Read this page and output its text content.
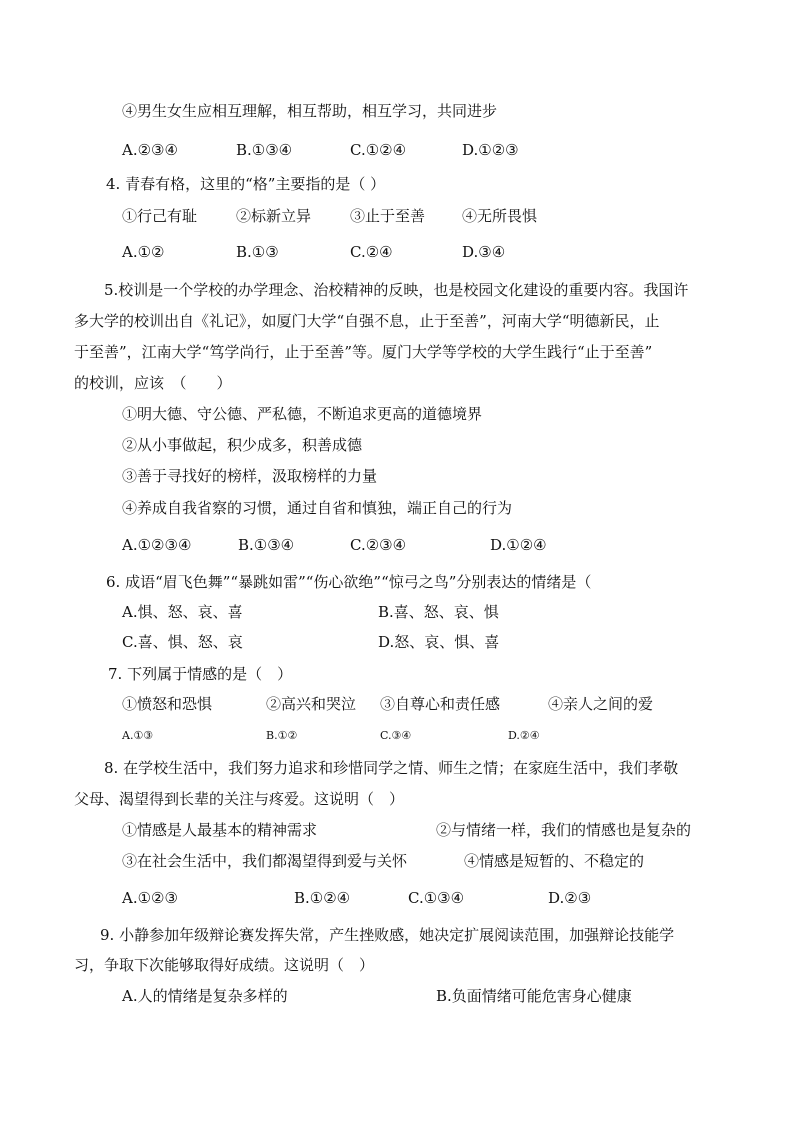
④男生女生应相互理解，相互帮助，相互学习，共同进步
A.②③④	B.①③④	C.①②④	D.①②③
4. 青春有格，这里的“格”主要指的是（ ）
①行己有耻	②标新立异	③止于至善 ④无所畏惧
A.①②	B.①③	C.②④	D.③④
5.校训是一个学校的办学理念、治校精神的反映，也是校园文化建设的重要内容。我国许
多大学的校训出自《礼记》，如厦门大学“自强不息，止于至善”，河南大学“明德新民，止
于至善”，江南大学“笃学尚行，止于至善”等。厦门大学等学校的大学生践行“止于至善”
的校训，应该　（　　）
①明大德、守公德、严私德，不断追求更高的道德境界
②从小事做起，积少成多，积善成德
③善于寻找好的榜样，汲取榜样的力量
④养成自我省察的习惯，通过自省和慎独，端正自己的行为
A.①②③④	B.①③④	C.②③④	D.①②④
6. 成语“眉飞色舞”“暴跳如雷”“伤心欲绝”“惊弓之鸟”分别表达的情绪是（
A.惧、怒、哀、喜	B.喜、怒、哀、惧
C.喜、惧、怒、哀	D.怒、哀、惧、喜
7. 下列属于情感的是（　）
①愤怒和恐惧	②高兴和哭泣 ③自尊心和责任感	④亲人之间的爱
A.①③	B.①②	C.③④	D.②④
8. 在学校生活中，我们努力追求和珍惜同学之情、师生之情；在家庭生活中，我们孝敬
父母、渴望得到长辈的关注与疼爱。这说明（　）
①情感是人最基本的精神需求	②与情绪一样，我们的情感也是复杂的
③在社会生活中，我们都渴望得到爱与关怀	④情感是短暂的、不稳定的
A.①②③	B.①②④	C.①③④	D.②③
9. 小静参加年级辩论赛发挥失常，产生挫败感，她决定扩展阅读范围，加强辩论技能学
习，争取下次能够取得好成绩。这说明（　）
A.人的情绪是复杂多样的	B.负面情绪可能危害身心健康
